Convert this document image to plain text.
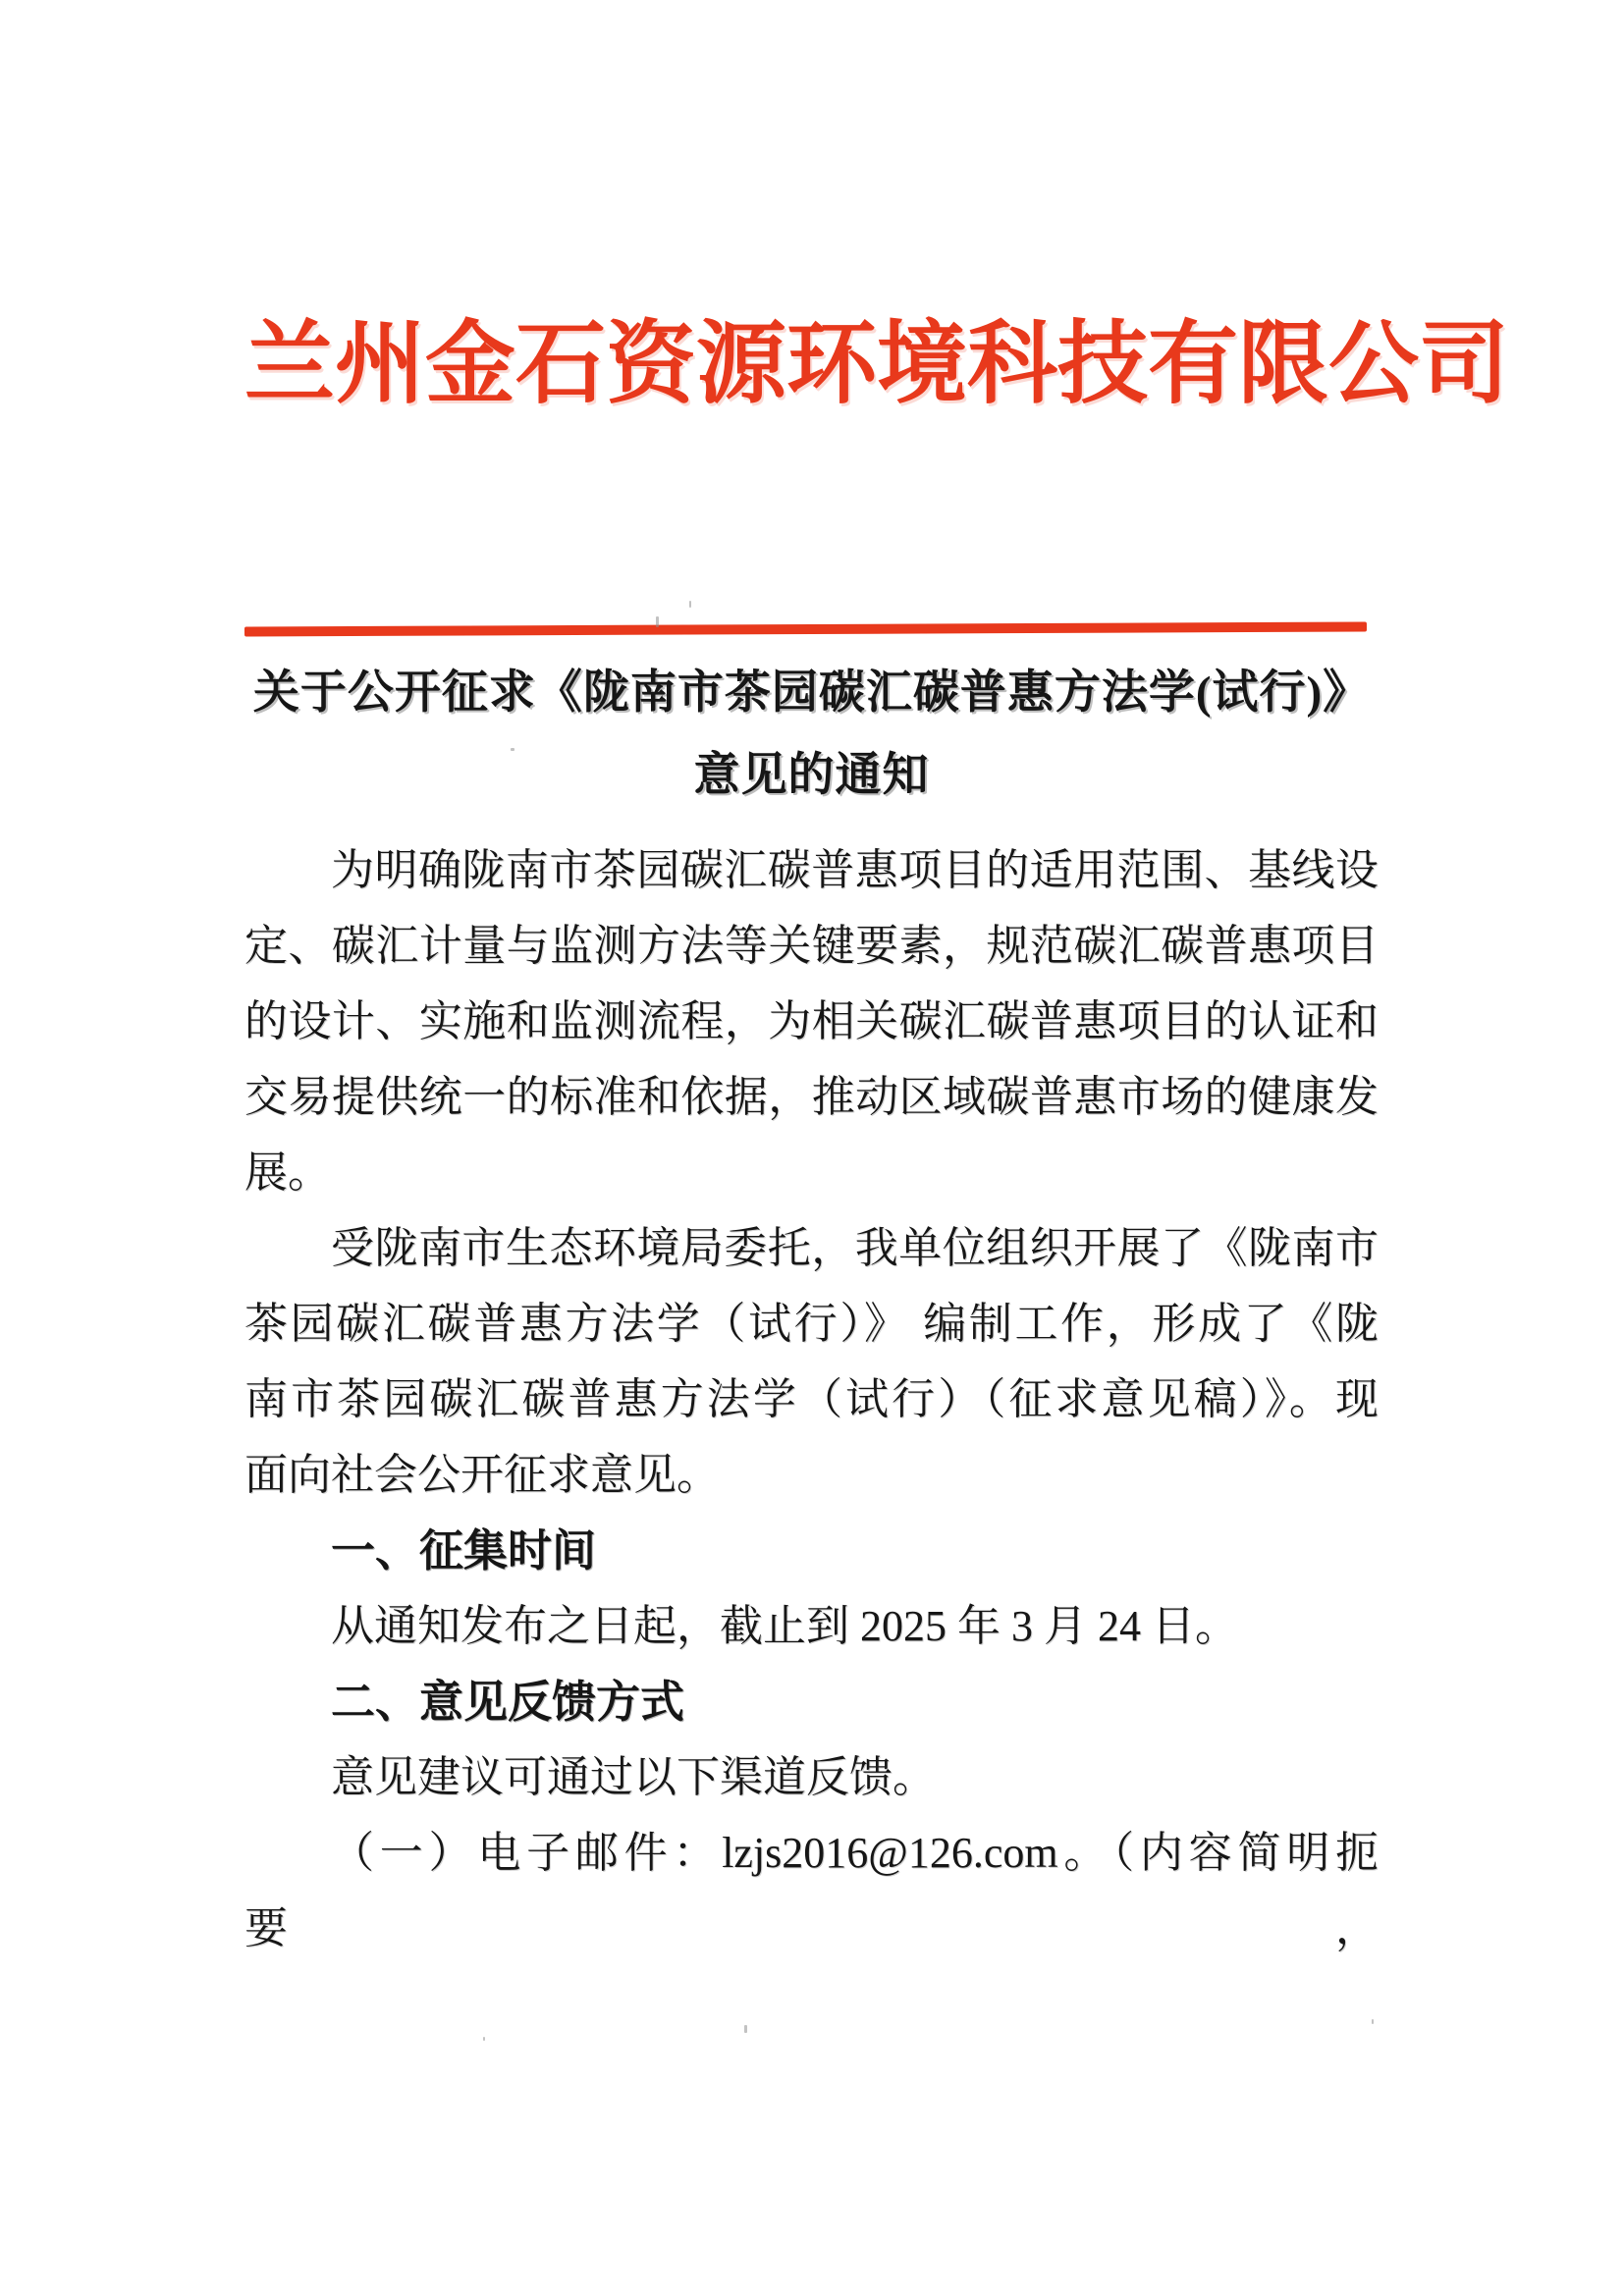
兰州金石资源环境科技有限公司
关于公开征求《陇南市茶园碳汇碳普惠方法学(试行)》
意见的通知
为明确陇南市茶园碳汇碳普惠项目的适用范围、基线设
定、碳汇计量与监测方法等关键要素，规范碳汇碳普惠项目
的设计、实施和监测流程，为相关碳汇碳普惠项目的认证和
交易提供统一的标准和依据，推动区域碳普惠市场的健康发
展。
受陇南市生态环境局委托，我单位组织开展了《陇南市
茶园碳汇碳普惠方法学（试行）》 编制工作，形成了《陇
南市茶园碳汇碳普惠方法学（试行）（征求意见稿）》。现
面向社会公开征求意见。
一、征集时间
从通知发布之日起，截止到 2025 年 3 月 24 日。
二、意见反馈方式
意见建议可通过以下渠道反馈。
（一）电子邮件：lzjs2016@126.com。（内容简明扼要，
